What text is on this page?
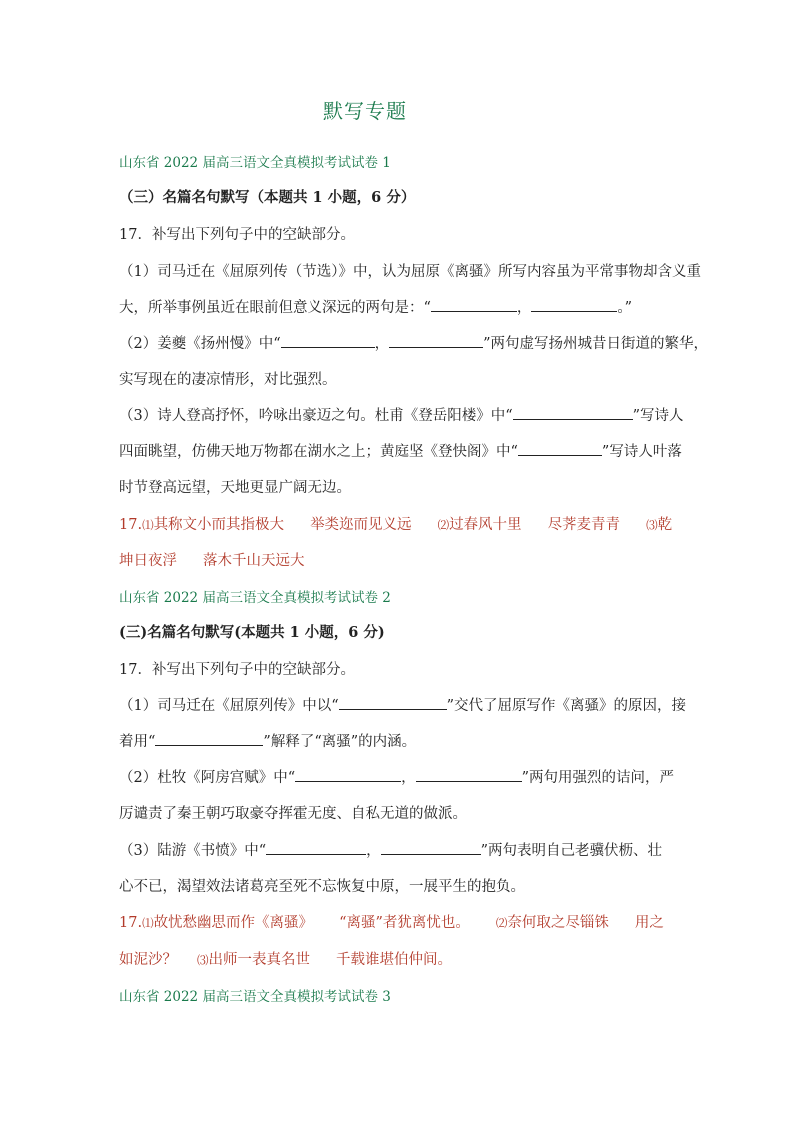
默写专题
山东省 2022 届高三语文全真模拟考试试卷 1
（三）名篇名句默写（本题共 1 小题，6 分）
17．补写出下列句子中的空缺部分。
（1）司马迁在《屈原列传（节选）》中，认为屈原《离骚》所写内容虽为平常事物却含义重
大，所举事例虽近在眼前但意义深远的两句是：“	，	。”
（2）姜夔《扬州慢》中“	，	”两句虚写扬州城昔日街道的繁华，
实写现在的凄凉情形，对比强烈。
（3）诗人登高抒怀，吟咏出豪迈之句。杜甫《登岳阳楼》中“	”写诗人
四面眺望，仿佛天地万物都在湖水之上；黄庭坚《登快阁》中“	”写诗人叶落
时节登高远望，天地更显广阔无边。
17.⑴其称文小而其指极大 举类迩而见义远 ⑵过春风十里 尽荠麦青青 ⑶乾
坤日夜浮 落木千山天远大
山东省 2022 届高三语文全真模拟考试试卷 2
(三)名篇名句默写(本题共 1 小题，6 分)
17．补写出下列句子中的空缺部分。
（1）司马迁在《屈原列传》中以“	”交代了屈原写作《离骚》的原因，接
着用“	”解释了“离骚”的内涵。
（2）杜牧《阿房宫赋》中“	，	”两句用强烈的诘问，严
厉谴责了秦王朝巧取豪夺挥霍无度、自私无道的做派。
（3）陆游《书愤》中“	，	”两句表明自己老骥伏枥、壮
心不已，渴望效法诸葛亮至死不忘恢复中原，一展平生的抱负。
17.⑴故忧愁幽思而作《离骚》 “离骚”者犹离忧也。 ⑵奈何取之尽锱铢 用之
如泥沙？ ⑶出师一表真名世 千载谁堪伯仲间。
山东省 2022 届高三语文全真模拟考试试卷 3
